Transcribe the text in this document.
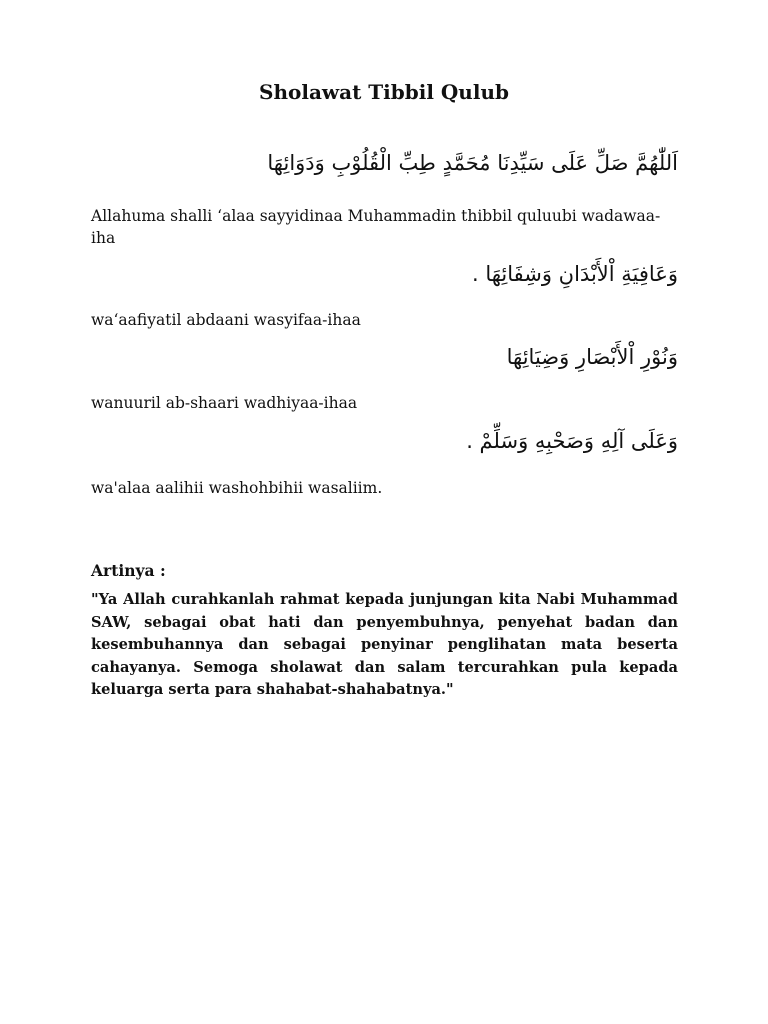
Sholawat Tibbil Qulub
اَللّٰهُمَّ صَلِّ عَلَى سَيِّدِنَا مُحَمَّدٍ طِبِّ الْقُلُوْبِ وَدَوَائِهَا

Allahuma shalli ‘alaa sayyidinaa Muhammadin thibbil quluubi wadawaa-iha

وَعَافِيَةِ اْلأَبْدَانِ وَشِفَائِهَا .

wa‘aafiyatil abdaani wasyifaa-ihaa

وَنُوْرِ اْلأَبْصَارِ وَضِيَائِهَا

wanuuril ab-shaari wadhiyaa-ihaa

وَعَلَى آلِهِ وَصَحْبِهِ وَسَلِّمْ .

wa'alaa aalihii washohbihii wasaliim.

Artinya :

"Ya Allah curahkanlah rahmat kepada junjungan kita Nabi Muhammad SAW, sebagai obat hati dan penyembuhnya, penyehat badan dan kesembuhannya dan sebagai penyinar penglihatan mata beserta cahayanya. Semoga sholawat dan salam tercurahkan pula kepada keluarga serta para shahabat-shahabatnya."
